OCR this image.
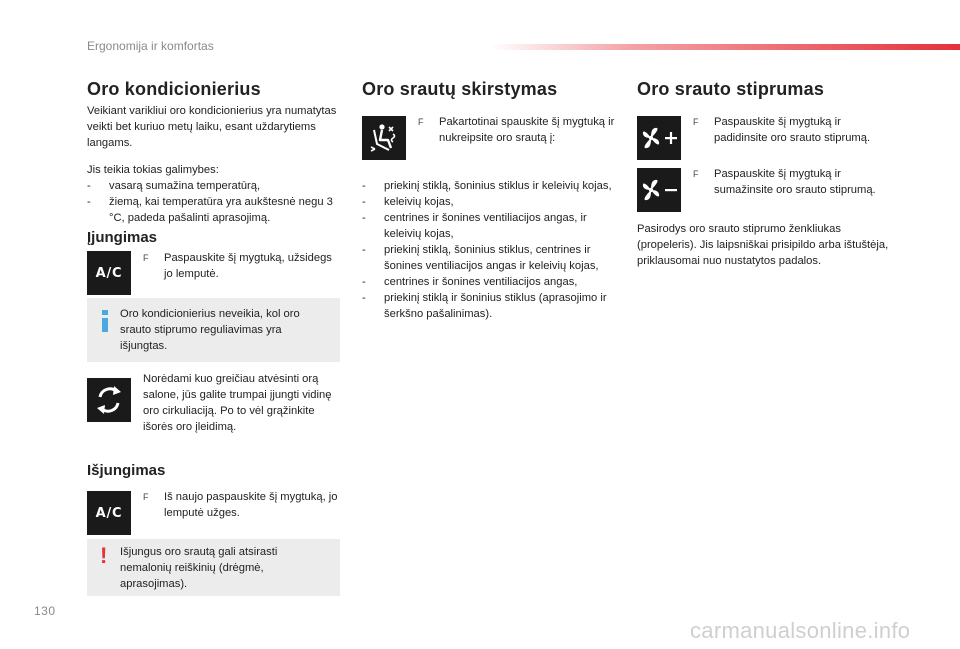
Ergonomija ir komfortas
Oro kondicionierius

Veikiant varikliui oro kondicionierius yra numatytas veikti bet kuriuo metų laiku, esant uždarytiems langams.

Jis teikia tokias galimybes:

- vasarą sumažina temperatūrą,
- žiemą, kai temperatūra yra aukštesnė negu 3 °C, padeda pašalinti aprasojimą.
Įjungimas
A/C
F	Paspauskite šį mygtuką, užsidegs jo lemputė.
Oro kondicionierius neveikia, kol oro srauto stiprumo reguliavimas yra išjungtas.

Norėdami kuo greičiau atvėsinti orą salone, jūs galite trumpai įjungti vidinę oro cirkuliaciją. Po to vėl grąžinkite išorės oro įleidimą.

Išjungimas
A/C
F	Iš naujo paspauskite šį mygtuką, jo lemputė užges.
! Išjungus oro srautą gali atsirasti nemalonių reiškinių (drėgmė, aprasojimas).
Oro srautų skirstymas
F	Pakartotinai spauskite šį mygtuką ir nukreipsite oro srautą į:
- priekinį stiklą, šoninius stiklus ir keleivių kojas,
- keleivių kojas,
- centrines ir šonines ventiliacijos angas, ir keleivių kojas,
- priekinį stiklą, šoninius stiklus, centrines ir šonines ventiliacijos angas ir keleivių kojas,
- centrines ir šonines ventiliacijos angas,
- priekinį stiklą ir šoninius stiklus (aprasojimo ir šerkšno pašalinimas).
Oro srauto stiprumas
F	Paspauskite šį mygtuką ir padidinsite oro srauto stiprumą.
F	Paspauskite šį mygtuką ir sumažinsite oro srauto stiprumą.

Pasirodys oro srauto stiprumo ženkliukas (propeleris). Jis laipsniškai prisipildo arba ištuštėja, priklausomai nuo nustatytos padalos.

130
carmanualsonline.info
